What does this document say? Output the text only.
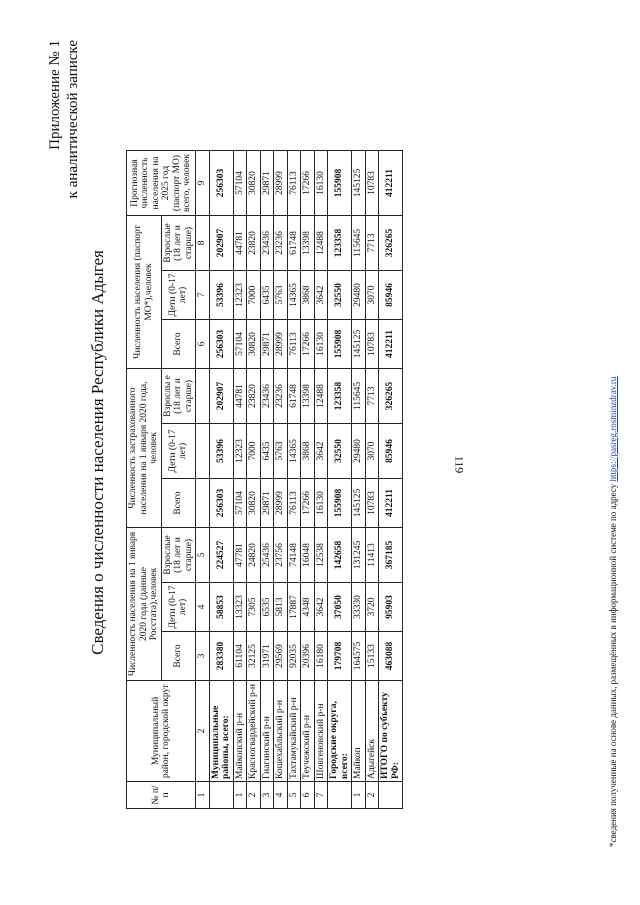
Приложение № 1 к аналитической записке
Сведения о численности населения Республики Адыгея
№ п/п	Муниципальный район, городской округ	Численность населения на 1 января 2020 года (данные Росстата),человек			Численность застрахованного населения на 1 января 2020 года, человек			Численность населения (паспорт МО*),человек			Прогнозная численность населения на 2025 год (паспорт МО) всего, человек
		Всего	Дети (0-17 лет)	Взрослые (18 лет и старше)	Всего	Дети (0-17 лет)	Взрослы е (18 лет и старше)	Всего	Дети (0-17 лет)	Взрослые (18 лет и старше)	
1	2	3	4	5				6	7	8	9
	Муниципальные районы, всего:	283380	58853	224527	256303	53396	202907	256303	53396	202907	256303
1	Майкопский р-н	61104	13323	47781	57104	12323	44781	57104	12323	44781	57104
2	Красногвардейский р-н	32125	7305	24820	30820	7000	23820	30820	7000	23820	30820
3	Гиагинский р-н	31971	6535	25436	29871	6435	23436	29871	6435	23436	29871
4	Кошехабльский р-н	29569	5813	23756	28999	5763	23236	28999	5763	23236	28999
5	Тахтамукайский р-н	92035	17887	74148	76113	14365	61748	76113	14365	61748	76113
6	Теучежский р-н	20396	4348	16048	17266	3868	13398	17266	3868	13398	17266
7	Шовгеновский р-н	16180	3642	12538	16130	3642	12488	16130	3642	12488	16130
	Городские округа, всего:	179708	37050	142658	155908	32550	123358	155908	32550	123358	155908
1	Майкоп	164575	33330	131245	145125	29480	115645	145125	29480	115645	145125
2	Адыгейск	15133	3720	11413	10783	3070	7713	10783	3070	7713	10783
	ИТОГО по субъекту РФ:	463088	95903	367185	412211	85946	326265	412211	85946	326265	412211
*сведения полученные на основе данных, размещённых в информационной системе по адресу https://pasreg.rosminzdrav.ru
119
